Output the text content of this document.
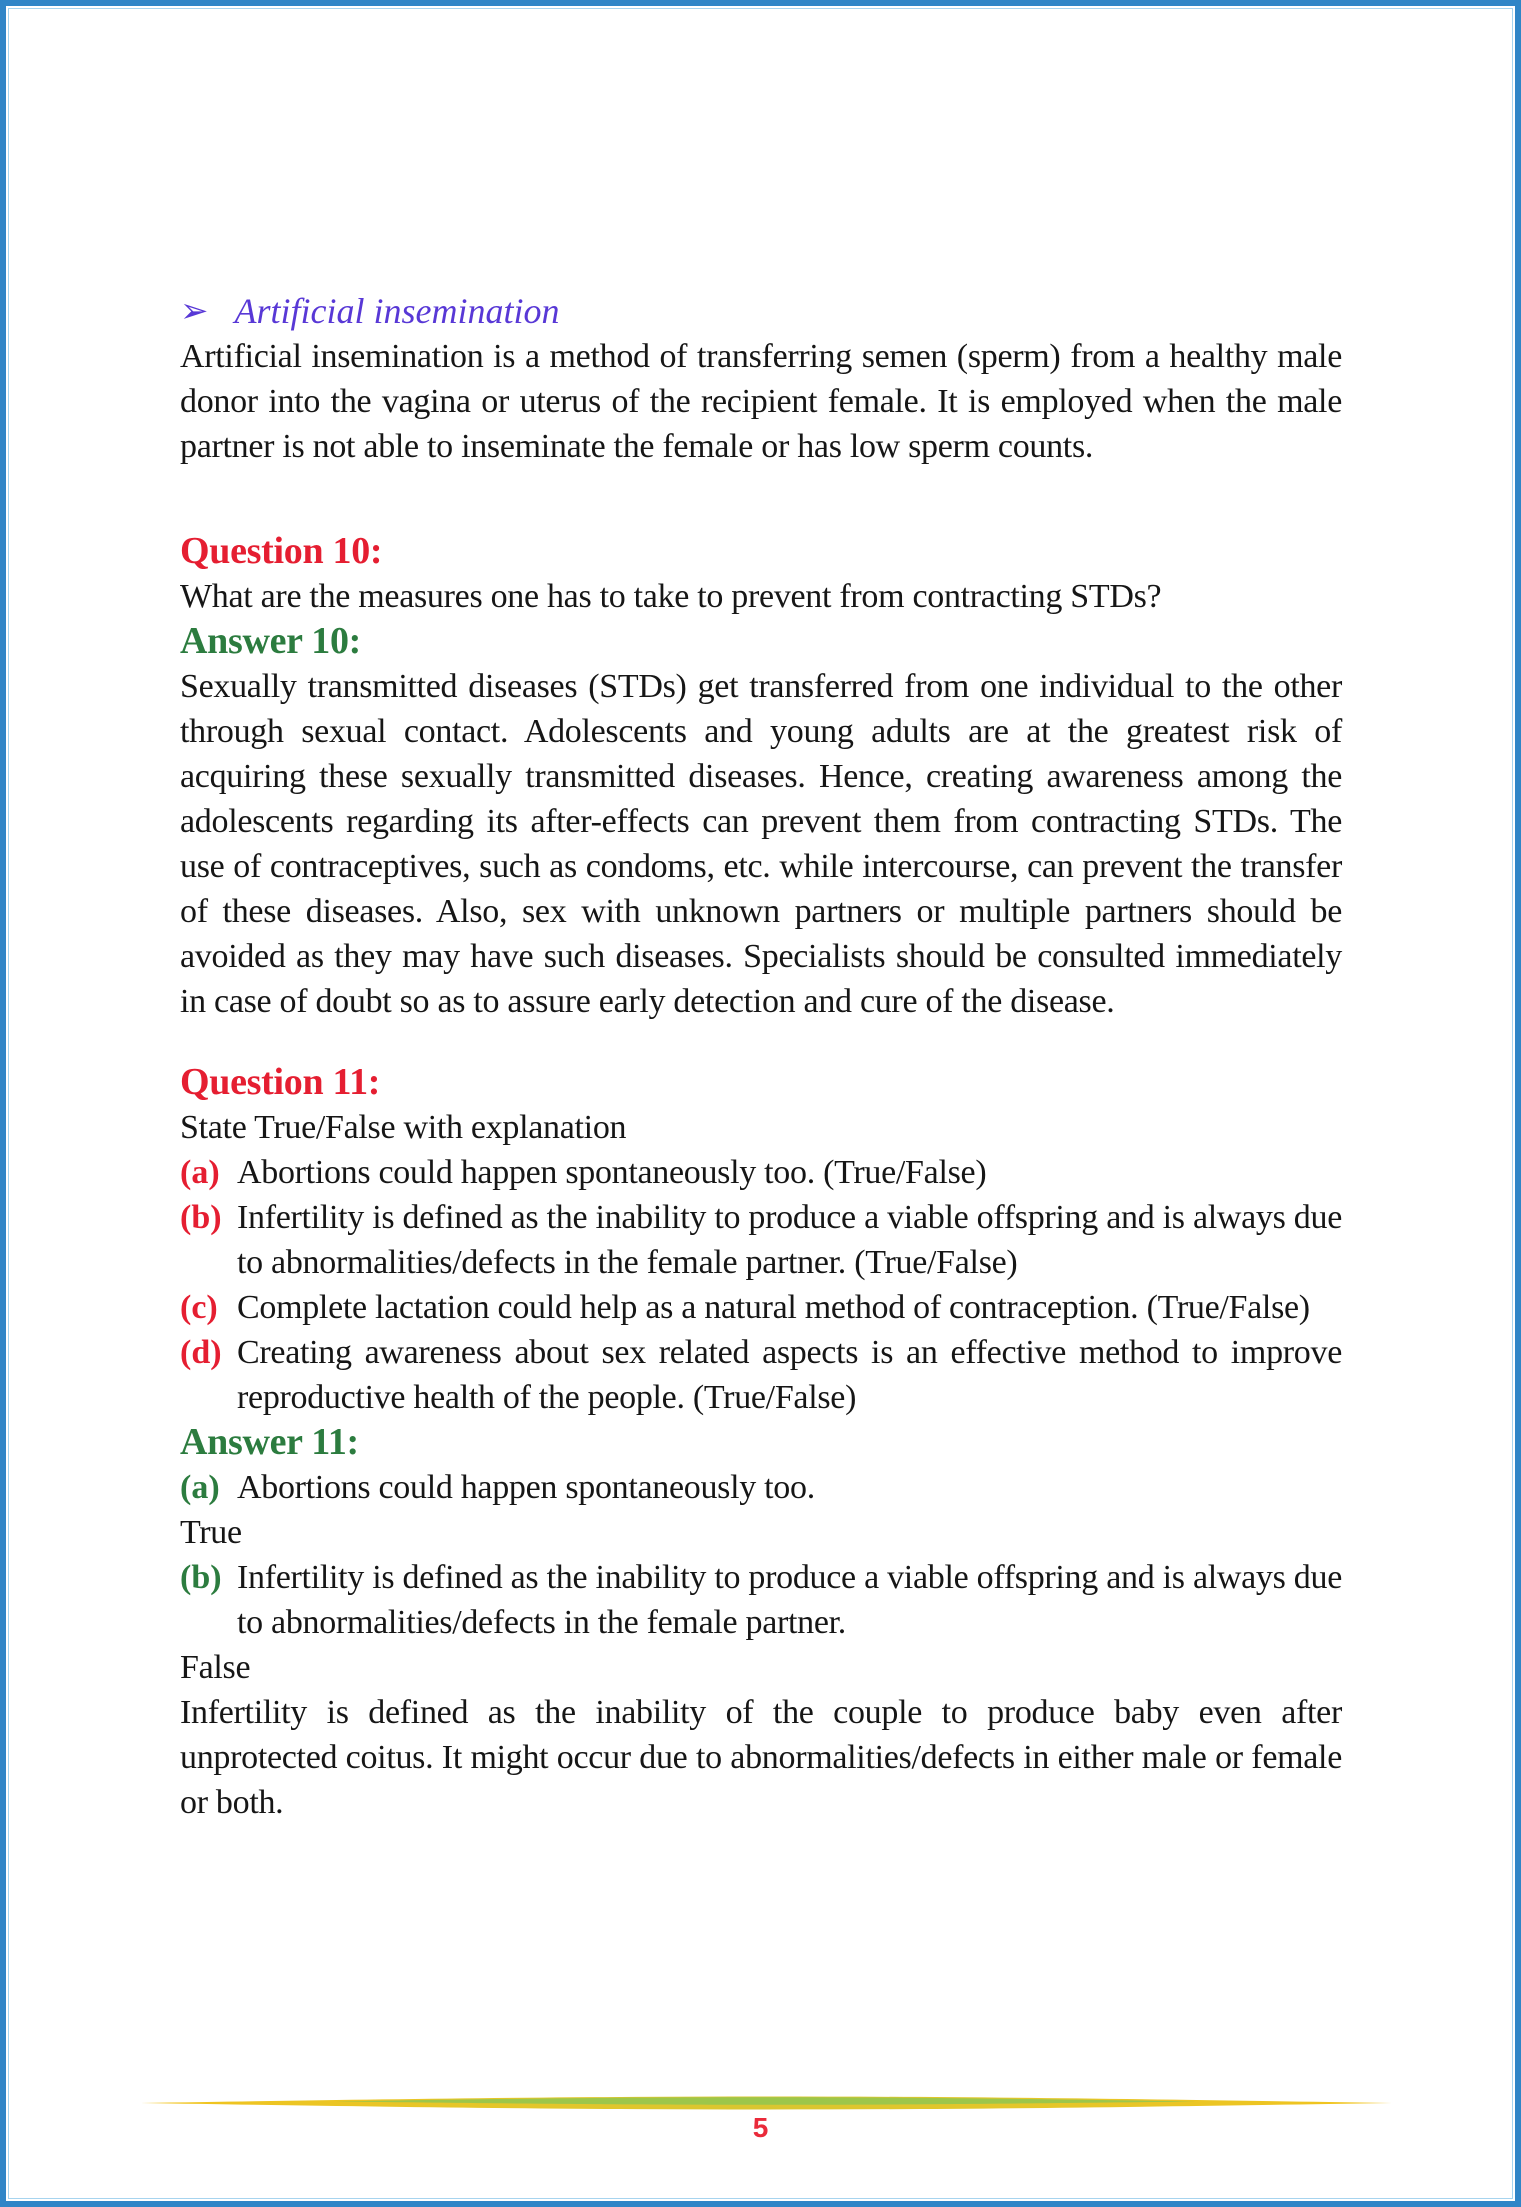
➢ Artificial insemination

Artificial insemination is a method of transferring semen (sperm) from a healthy male donor into the vagina or uterus of the recipient female. It is employed when the male partner is not able to inseminate the female or has low sperm counts.

Question 10:

What are the measures one has to take to prevent from contracting STDs?

Answer 10:

Sexually transmitted diseases (STDs) get transferred from one individual to the other through sexual contact. Adolescents and young adults are at the greatest risk of acquiring these sexually transmitted diseases. Hence, creating awareness among the adolescents regarding its after-effects can prevent them from contracting STDs. The use of contraceptives, such as condoms, etc. while intercourse, can prevent the transfer of these diseases. Also, sex with unknown partners or multiple partners should be avoided as they may have such diseases. Specialists should be consulted immediately in case of doubt so as to assure early detection and cure of the disease.

Question 11:

State True/False with explanation

(a) Abortions could happen spontaneously too. (True/False)
(b) Infertility is defined as the inability to produce a viable offspring and is always due to abnormalities/defects in the female partner. (True/False)
(c) Complete lactation could help as a natural method of contraception. (True/False)
(d) Creating awareness about sex related aspects is an effective method to improve reproductive health of the people. (True/False)
Answer 11:
(a) Abortions could happen spontaneously too.

True

(b) Infertility is defined as the inability to produce a viable offspring and is always due to abnormalities/defects in the female partner.

False

Infertility is defined as the inability of the couple to produce baby even after unprotected coitus. It might occur due to abnormalities/defects in either male or female or both.

5
